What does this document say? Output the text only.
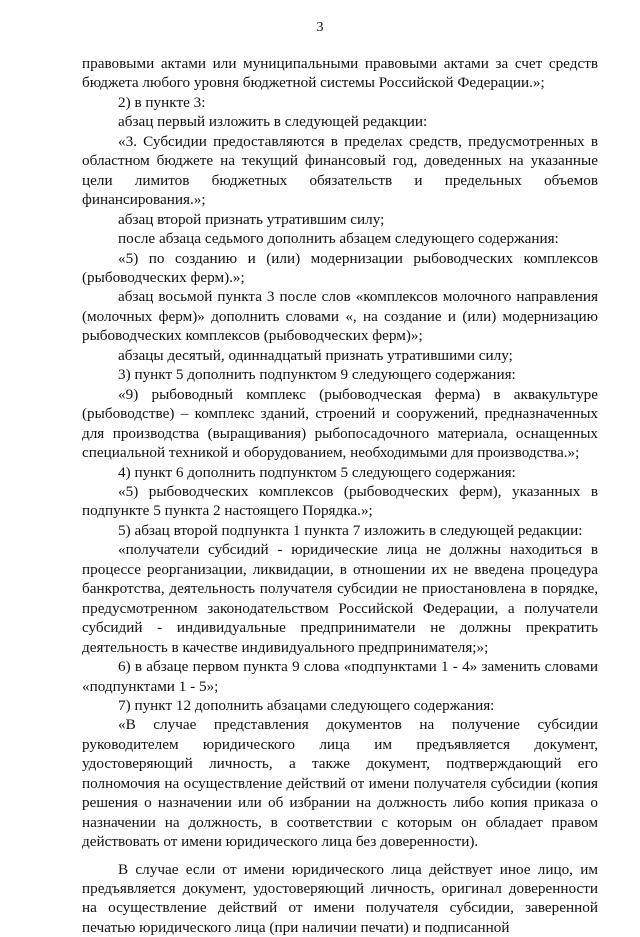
3

правовыми актами или муниципальными правовыми актами за счет средств бюджета любого уровня бюджетной системы Российской Федерации.»;

2) в пункте 3:

абзац первый изложить в следующей редакции:

«3. Субсидии предоставляются в пределах средств, предусмотренных в областном бюджете на текущий финансовый год, доведенных на указанные цели лимитов бюджетных обязательств и предельных объемов финансирования.»;

абзац второй признать утратившим силу;

после абзаца седьмого дополнить абзацем следующего содержания:

«5) по созданию и (или) модернизации рыбоводческих комплексов (рыбоводческих ферм).»;

абзац восьмой пункта 3 после слов «комплексов молочного направления (молочных ферм)» дополнить словами «, на создание и (или) модернизацию рыбоводческих комплексов (рыбоводческих ферм)»;

абзацы десятый, одиннадцатый признать утратившими силу;

3) пункт 5 дополнить подпунктом 9 следующего содержания:

«9) рыбоводный комплекс (рыбоводческая ферма) в аквакультуре (рыбоводстве) – комплекс зданий, строений и сооружений, предназначенных для производства (выращивания) рыбопосадочного материала, оснащенных специальной техникой и оборудованием, необходимыми для производства.»;

4) пункт 6 дополнить подпунктом 5 следующего содержания:

«5) рыбоводческих комплексов (рыбоводческих ферм), указанных в подпункте 5 пункта 2 настоящего Порядка.»;

5) абзац второй подпункта 1 пункта 7 изложить в следующей редакции:

«получатели субсидий - юридические лица не должны находиться в процессе реорганизации, ликвидации, в отношении их не введена процедура банкротства, деятельность получателя субсидии не приостановлена в порядке, предусмотренном законодательством Российской Федерации, а получатели субсидий - индивидуальные предприниматели не должны прекратить деятельность в качестве индивидуального предпринимателя;»;

6) в абзаце первом пункта 9 слова «подпунктами 1 - 4» заменить словами «подпунктами 1 - 5»;

7) пункт 12 дополнить абзацами следующего содержания:

«В случае представления документов на получение субсидии руководителем юридического лица им предъявляется документ, удостоверяющий личность, а также документ, подтверждающий его полномочия на осуществление действий от имени получателя субсидии (копия решения о назначении или об избрании на должность либо копия приказа о назначении на должность, в соответствии с которым он обладает правом действовать от имени юридического лица без доверенности).

В случае если от имени юридического лица действует иное лицо, им предъявляется документ, удостоверяющий личность, оригинал доверенности на осуществление действий от имени получателя субсидии, заверенной печатью юридического лица (при наличии печати) и подписанной
